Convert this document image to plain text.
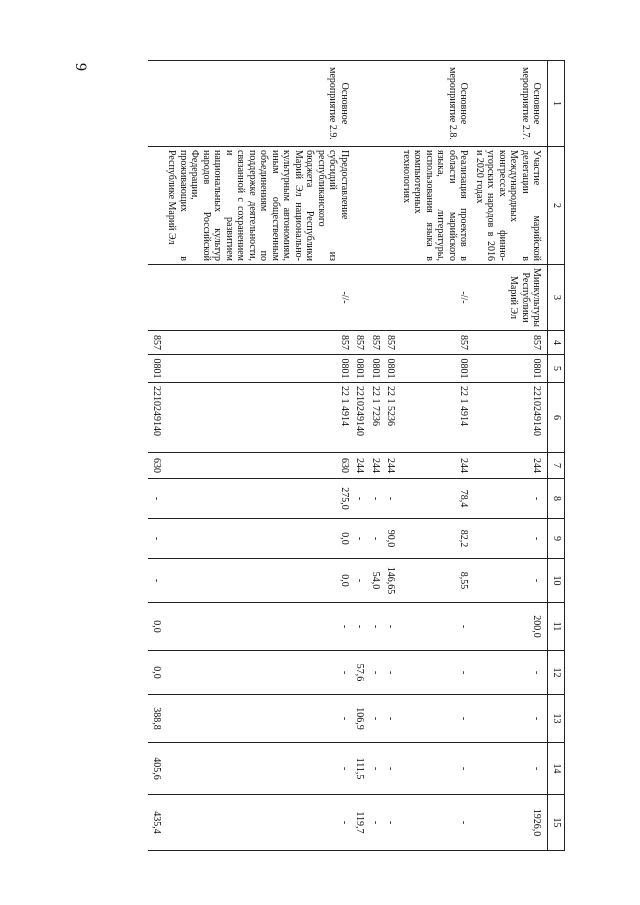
9
1	2	3	4	5	6	7	8	9	10	11	12	13	14	15
Основное мероприятие 2.7.	Участие марийской делегации в Международных конгрессах финно-угорских народов в 2016 и 2020 годах	Минкультуры Республики Марий Эл	857	0801	2210249140	244	-	-	-	200,0	-	-	-	1926,0
Основное мероприятие 2.8.	Реализация проектов в области марийского языка, литературы, использования языка в компьютерных технологиях	-//-	857	0801	22 1 4914	244	78,4	82,2	8,55	-	-	-	-	-
			857	0801	22 1 5236	244	-	90,0	146,65	-	-	-	-	-
			857	0801	22 1 7236	244	-	-	54,0	-	-	-	-	-
			857	0801	2210249140	244	-	-	-	-	57,6	106,9	111,5	119,7
Основное мероприятие 2.9.	Предоставление субсидий из республиканского бюджета Республики Марий Эл национально-культурным автономиям, иным общественным объединениям по поддержке деятельности, связанной с сохранением и развитием национальных культур народов Российской Федерации, проживающих в Республике Марий Эл	-//-	857	0801	22 1 4914	630	275,0	0,0	0,0	-	-	-	-	-
			857	0801	2210249140	630	-	-	-	0,0	0,0	388,8	405,6	435,4
